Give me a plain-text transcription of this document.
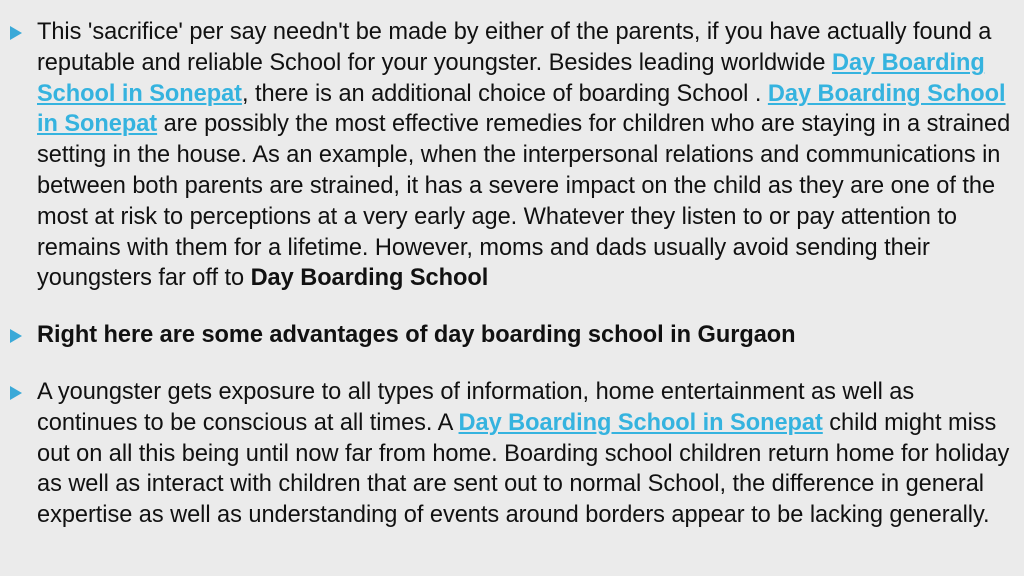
This 'sacrifice' per say needn't be made by either of the parents, if you have actually found a reputable and reliable School for your youngster. Besides leading worldwide Day Boarding School in Sonepat, there is an additional choice of boarding School . Day Boarding School in Sonepat are possibly the most effective remedies for children who are staying in a strained setting in the house. As an example, when the interpersonal relations and communications in between both parents are strained, it has a severe impact on the child as they are one of the most at risk to perceptions at a very early age. Whatever they listen to or pay attention to remains with them for a lifetime. However, moms and dads usually avoid sending their youngsters far off to Day Boarding School
Right here are some advantages of day boarding school in Gurgaon
A youngster gets exposure to all types of information, home entertainment as well as continues to be conscious at all times. A Day Boarding School in Sonepat child might miss out on all this being until now far from home. Boarding school children return home for holiday as well as interact with children that are sent out to normal School, the difference in general expertise as well as understanding of events around borders appear to be lacking generally.
